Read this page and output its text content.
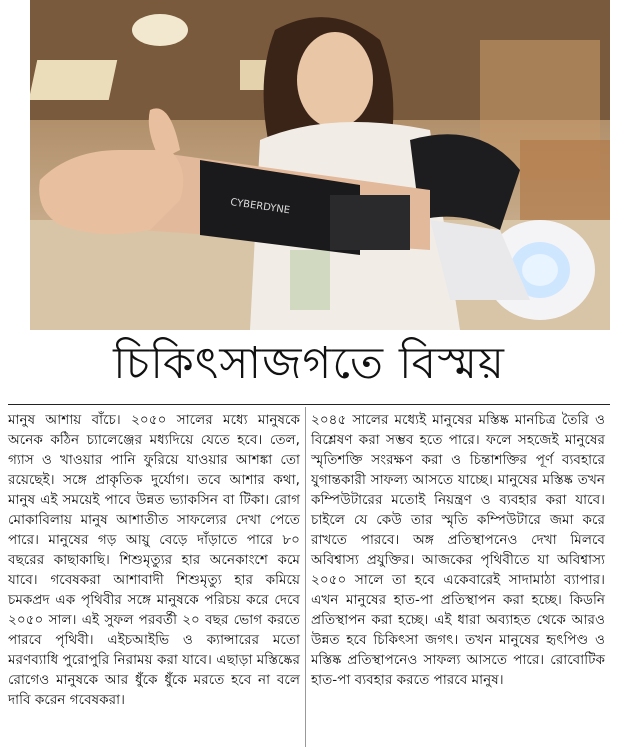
CYBERDYNE
চিকিৎসাজগতে বিস্ময়
মানুষ আশায় বাঁচে। ২০৫০ সালের মধ্যে মানুষকে অনেক কঠিন চ্যালেঞ্জের মধ্যদিয়ে যেতে হবে। তেল, গ্যাস ও খাওয়ার পানি ফুরিয়ে যাওয়ার আশঙ্কা তো রয়েছেই। সঙ্গে প্রাকৃতিক দুর্যোগ। তবে আশার কথা, মানুষ এই সময়েই পাবে উন্নত ভ্যাকসিন বা টিকা। রোগ মোকাবিলায় মানুষ আশাতীত সাফল্যের দেখা পেতে পারে। মানুষের গড় আয়ু বেড়ে দাঁড়াতে পারে ৮০ বছরের কাছাকাছি। শিশুমৃত্যুর হার অনেকাংশে কমে যাবে। গবেষকরা আশাবাদী শিশুমৃত্যু হার কমিয়ে চমকপ্রদ এক পৃথিবীর সঙ্গে মানুষকে পরিচয় করে দেবে ২০৫০ সাল। এই সুফল পরবর্তী ২০ বছর ভোগ করতে পারবে পৃথিবী। এইচআইভি ও ক্যান্সারের মতো মরণব্যাধি পুরোপুরি নিরাময় করা যাবে। এছাড়া মস্তিষ্কের রোগেও মানুষকে আর ধুঁকে ধুঁকে মরতে হবে না বলে দাবি করেন গবেষকরা।
২০৪৫ সালের মধ্যেই মানুষের মস্তিষ্ক মানচিত্র তৈরি ও বিশ্লেষণ করা সম্ভব হতে পারে। ফলে সহজেই মানুষের স্মৃতিশক্তি সংরক্ষণ করা ও চিন্তাশক্তির পূর্ণ ব্যবহারে যুগান্তকারী সাফল্য আসতে যাচ্ছে। মানুষের মস্তিষ্ক তখন কম্পিউটারের মতোই নিয়ন্ত্রণ ও ব্যবহার করা যাবে। চাইলে যে কেউ তার স্মৃতি কম্পিউটারে জমা করে রাখতে পারবে। অঙ্গ প্রতিস্থাপনেও দেখা মিলবে অবিশ্বাস্য প্রযুক্তির। আজকের পৃথিবীতে যা অবিশ্বাস্য ২০৫০ সালে তা হবে একেবারেই সাদামাঠা ব্যাপার। এখন মানুষের হাত-পা প্রতিস্থাপন করা হচ্ছে। কিডনি প্রতিস্থাপন করা হচ্ছে। এই ধারা অব্যাহত থেকে আরও উন্নত হবে চিকিৎসা জগৎ। তখন মানুষের হৃৎপিণ্ড ও মস্তিষ্ক প্রতিস্থাপনেও সাফল্য আসতে পারে। রোবোটিক হাত-পা ব্যবহার করতে পারবে মানুষ।
